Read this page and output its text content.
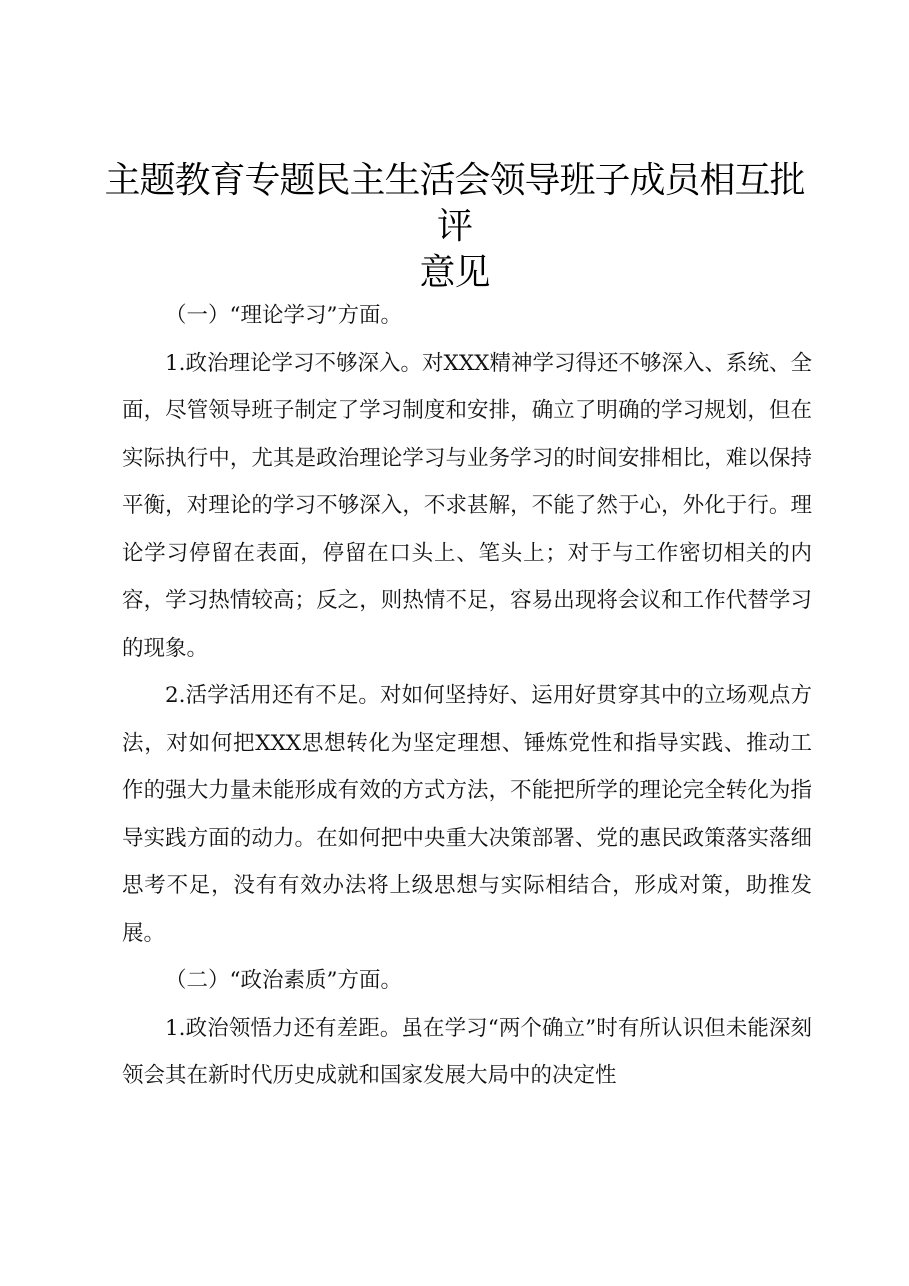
主题教育专题民主生活会领导班子成员相互批评
意见

（一）“理论学习”方面。

1.政治理论学习不够深入。对XXX精神学习得还不够深入、系统、全面，尽管领导班子制定了学习制度和安排，确立了明确的学习规划，但在实际执行中，尤其是政治理论学习与业务学习的时间安排相比，难以保持平衡，对理论的学习不够深入，不求甚解，不能了然于心，外化于行。理论学习停留在表面，停留在口头上、笔头上；对于与工作密切相关的内容，学习热情较高；反之，则热情不足，容易出现将会议和工作代替学习的现象。

2.活学活用还有不足。对如何坚持好、运用好贯穿其中的立场观点方法，对如何把XXX思想转化为坚定理想、锤炼党性和指导实践、推动工作的强大力量未能形成有效的方式方法，不能把所学的理论完全转化为指导实践方面的动力。在如何把中央重大决策部署、党的惠民政策落实落细思考不足，没有有效办法将上级思想与实际相结合，形成对策，助推发展。

（二）“政治素质”方面。

1.政治领悟力还有差距。虽在学习“两个确立”时有所认识但未能深刻领会其在新时代历史成就和国家发展大局中的决定性
